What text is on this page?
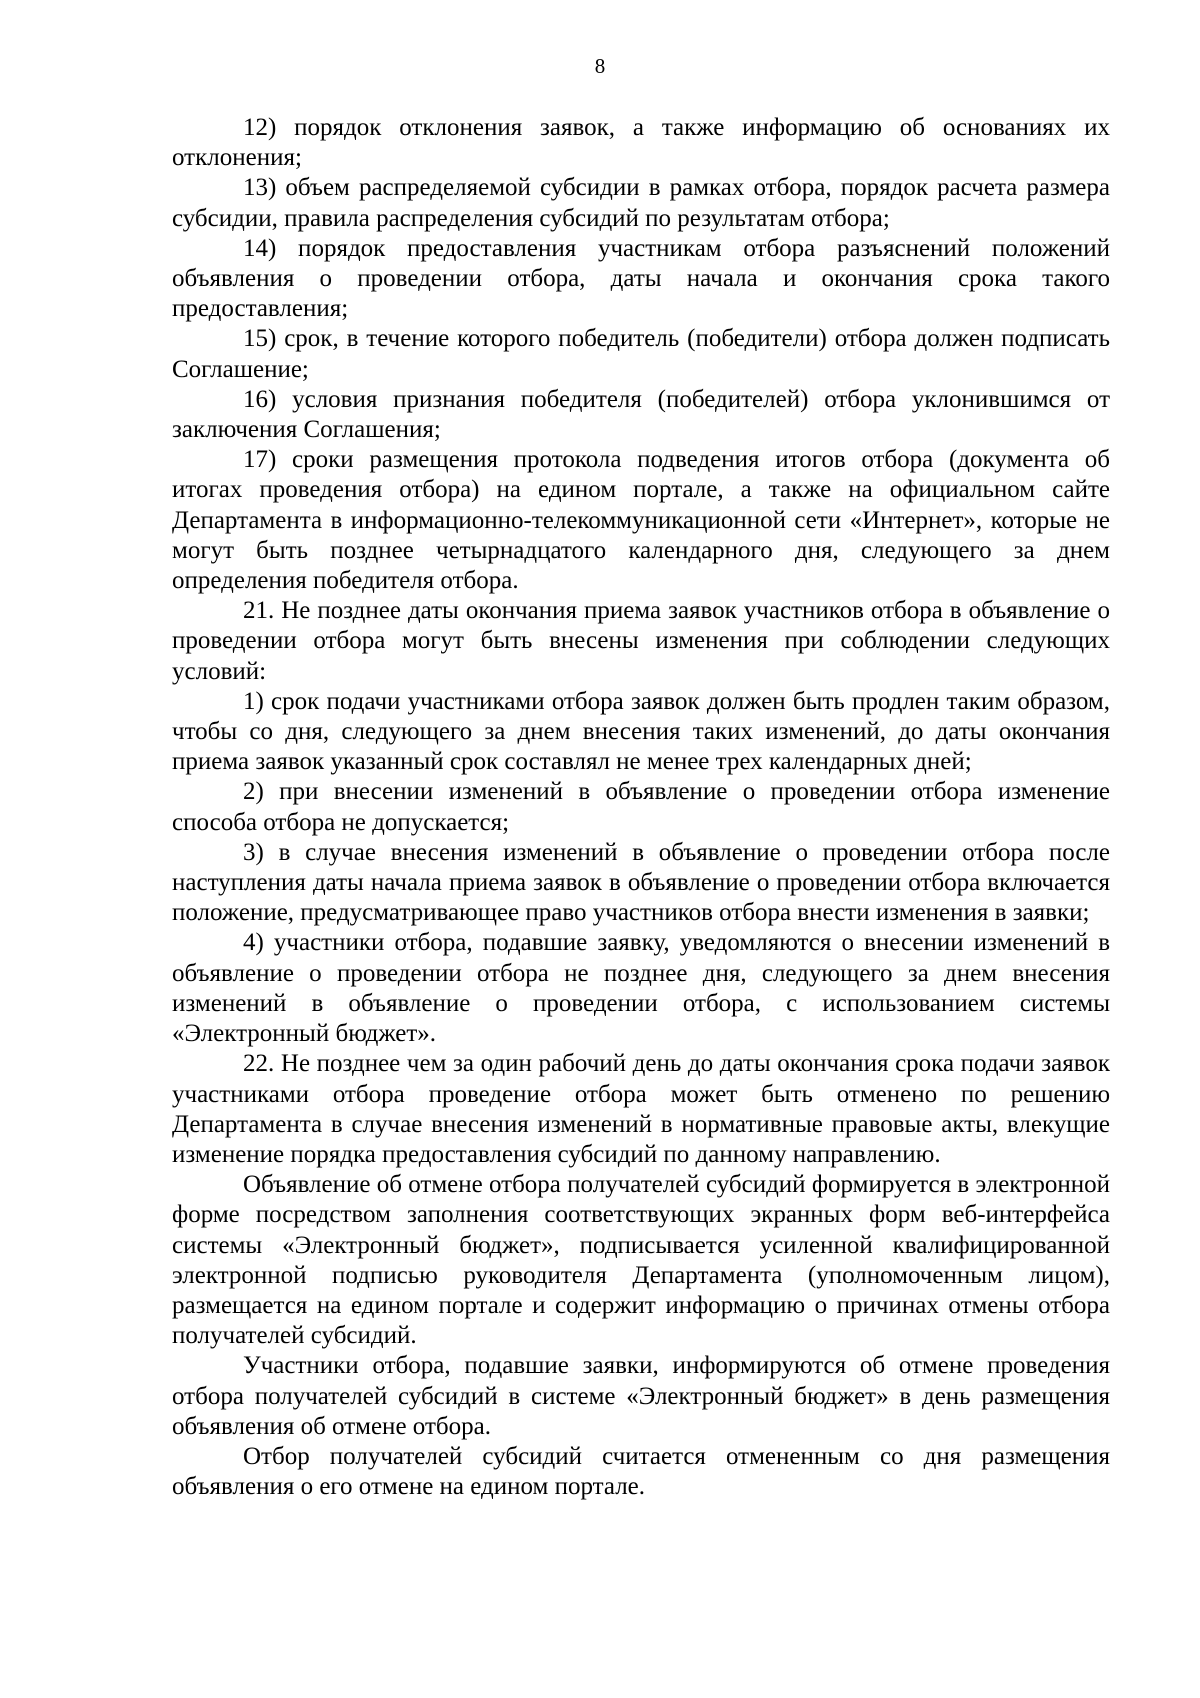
8

12) порядок отклонения заявок, а также информацию об основаниях их отклонения;

13) объем распределяемой субсидии в рамках отбора, порядок расчета размера субсидии, правила распределения субсидий по результатам отбора;

14) порядок предоставления участникам отбора разъяснений положений объявления о проведении отбора, даты начала и окончания срока такого предоставления;

15) срок, в течение которого победитель (победители) отбора должен подписать Соглашение;

16) условия признания победителя (победителей) отбора уклонившимся от заключения Соглашения;

17) сроки размещения протокола подведения итогов отбора (документа об итогах проведения отбора) на едином портале, а также на официальном сайте Департамента в информационно-телекоммуникационной сети «Интернет», которые не могут быть позднее четырнадцатого календарного дня, следующего за днем определения победителя отбора.

21. Не позднее даты окончания приема заявок участников отбора в объявление о проведении отбора могут быть внесены изменения при соблюдении следующих условий:

1) срок подачи участниками отбора заявок должен быть продлен таким образом, чтобы со дня, следующего за днем внесения таких изменений, до даты окончания приема заявок указанный срок составлял не менее трех календарных дней;

2) при внесении изменений в объявление о проведении отбора изменение способа отбора не допускается;

3) в случае внесения изменений в объявление о проведении отбора после наступления даты начала приема заявок в объявление о проведении отбора включается положение, предусматривающее право участников отбора внести изменения в заявки;

4) участники отбора, подавшие заявку, уведомляются о внесении изменений в объявление о проведении отбора не позднее дня, следующего за днем внесения изменений в объявление о проведении отбора, с использованием системы «Электронный бюджет».

22. Не позднее чем за один рабочий день до даты окончания срока подачи заявок участниками отбора проведение отбора может быть отменено по решению Департамента в случае внесения изменений в нормативные правовые акты, влекущие изменение порядка предоставления субсидий по данному направлению.

Объявление об отмене отбора получателей субсидий формируется в электронной форме посредством заполнения соответствующих экранных форм веб-интерфейса системы «Электронный бюджет», подписывается усиленной квалифицированной электронной подписью руководителя Департамента (уполномоченным лицом), размещается на едином портале и содержит информацию о причинах отмены отбора получателей субсидий.

Участники отбора, подавшие заявки, информируются об отмене проведения отбора получателей субсидий в системе «Электронный бюджет» в день размещения объявления об отмене отбора.

Отбор получателей субсидий считается отмененным со дня размещения объявления о его отмене на едином портале.
